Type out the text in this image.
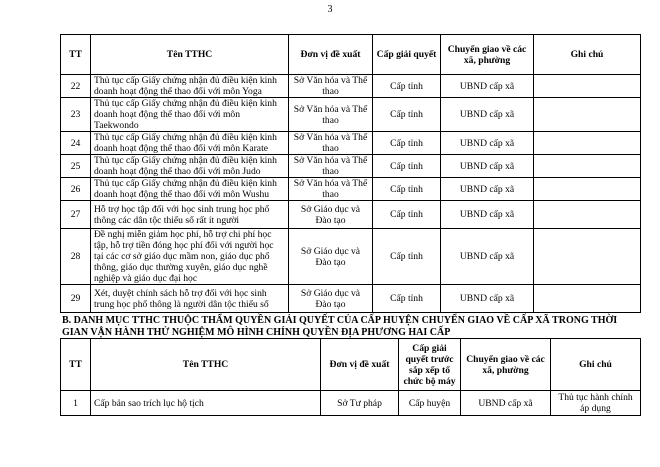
3
TT	Tên TTHC	Đơn vị đề xuất	Cấp giải quyết	Chuyển giao về các xã, phường	Ghi chú
22	Thủ tục cấp Giấy chứng nhận đủ điều kiện kinh doanh hoạt động thể thao đối với môn Yoga	Sở Văn hóa và Thể thao	Cấp tỉnh	UBND cấp xã	
23	Thủ tục cấp Giấy chứng nhận đủ điều kiện kinh doanh hoạt động thể thao đối với môn Taekwondo	Sở Văn hóa và Thể thao	Cấp tỉnh	UBND cấp xã	
24	Thủ tục cấp Giấy chứng nhận đủ điều kiện kinh doanh hoạt động thể thao đối với môn Karate	Sở Văn hóa và Thể thao	Cấp tỉnh	UBND cấp xã	
25	Thủ tục cấp Giấy chứng nhận đủ điều kiện kinh doanh hoạt động thể thao đối với môn Judo	Sở Văn hóa và Thể thao	Cấp tỉnh	UBND cấp xã	
26	Thủ tục cấp Giấy chứng nhận đủ điều kiện kinh doanh hoạt động thể thao đối với môn Wushu	Sở Văn hóa và Thể thao	Cấp tỉnh	UBND cấp xã	
27	Hỗ trợ học tập đối với học sinh trung học phổ thông các dân tộc thiểu số rất ít người	Sở Giáo dục và Đào tạo	Cấp tỉnh	UBND cấp xã	
28	Đề nghị miễn giảm học phí, hỗ trợ chi phí học tập, hỗ trợ tiền đóng học phí đối với người học tại các cơ sở giáo dục mầm non, giáo dục phổ thông, giáo dục thường xuyên, giáo dục nghề nghiệp và giáo dục đại học	Sở Giáo dục và Đào tạo	Cấp tỉnh	UBND cấp xã	
29	Xét, duyệt chính sách hỗ trợ đối với học sinh trung học phổ thông là người dân tộc thiểu số	Sở Giáo dục và Đào tạo	Cấp tỉnh	UBND cấp xã	
B. DANH MỤC TTHC THUỘC THẨM QUYỀN GIẢI QUYẾT CỦA CẤP HUYỆN CHUYỂN GIAO VỀ CẤP XÃ TRONG THỜI GIAN VẬN HÀNH THỬ NGHIỆM MÔ HÌNH CHÍNH QUYỀN ĐỊA PHƯƠNG HAI CẤP
TT	Tên TTHC	Đơn vị đề xuất	Cấp giải quyết trước sắp xếp tổ chức bộ máy	Chuyển giao về các xã, phường	Ghi chú
1	Cấp bản sao trích lục hộ tịch	Sở Tư pháp	Cấp huyện	UBND cấp xã	Thủ tục hành chính áp dụng
